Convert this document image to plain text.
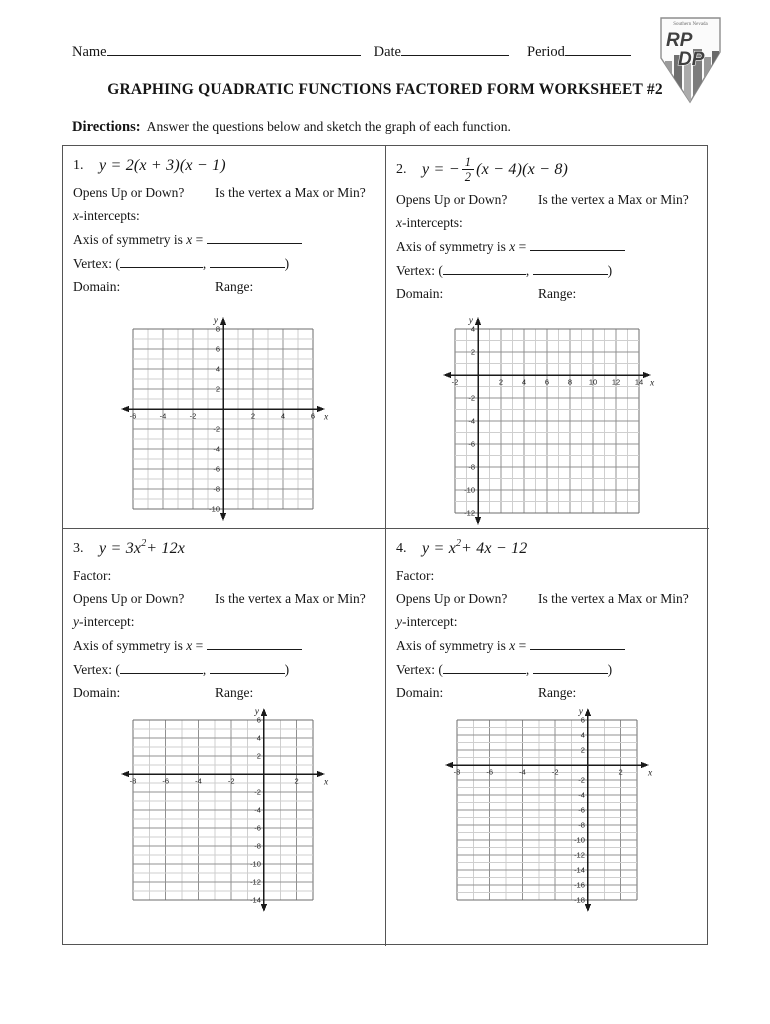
Name	Date	Period
GRAPHING QUADRATIC FUNCTIONS FACTORED FORM WORKSHEET #2
Directions: Answer the questions below and sketch the graph of each function.
Southern Nevada
RP
DP
1. y = 2(x + 3)(x − 1)
Opens Up or Down?	Is the vertex a Max or Min?
x-intercepts:
Axis of symmetry is x =
Vertex: (	,	)
Domain:	Range:
-6	-4	-2	2	4	6
8
6
4
2
-2
-4
-6
-8
-10
x
y
2. y = − $\frac{1}{2} (x - 4)(x - 8)$
Opens Up or Down?	Is the vertex a Max or Min?
x-intercepts:
Axis of symmetry is x =
Vertex: (	,	)
Domain:	Range:
-2	2	4	6	8 10 12 14
4
2
-2
-4
-6
-8
-10
-12
x
y
3. $y = 3x^2 + 12x$
Factor:
Opens Up or Down?	Is the vertex a Max or Min?
y-intercept:
Axis of symmetry is x =
Vertex: (	,	)
Domain:	Range:
-8	-6	-4	-2	2
6
4
2
-2
-4
-6
-8
-10
-12
-14
x
y
4. $y = x^2 + 4x - 12$
Factor:
Opens Up or Down?	Is the vertex a Max or Min?
y-intercept:
Axis of symmetry is x =
Vertex: (	,	)
Domain:	Range:
-8	-6	-4	-2	2
6
4
2
-2
-4
-6
-8
-10
-12
-14
-16
-18
x
y
